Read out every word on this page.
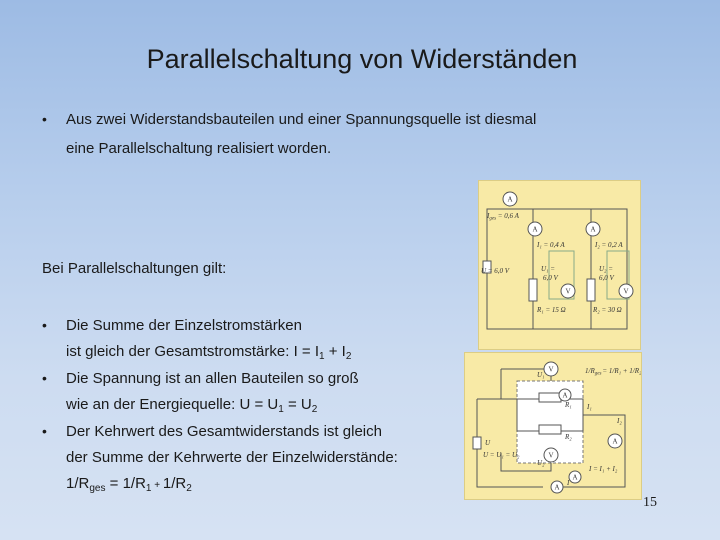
Parallelschaltung von Widerständen
• Aus zwei Widerstandsbauteilen und einer Spannungsquelle ist diesmal
eine Parallelschaltung realisiert worden.
Bei Parallelschaltungen gilt:
• Die Summe der Einzelstromstärken
ist gleich der Gesamtstromstärke: $I = I_1 + I_2$
• Die Spannung ist an allen Bauteilen so groß
wie an der Energiequelle: $U = U_1 = U_2$
• Der Kehrwert des Gesamtwiderstands ist gleich
der Summe der Kehrwerte der Einzelwiderstände:
$1/R_{ges} = 1/R_1 + 1/R_2$
15
A
A	A
V	V
$I_{ges} = 0,6$ A
I₁ = 0,4 A	I₂ = 0,2 A
U = 6,0 V	U₁ =
6,0 V
U₂ =
6,0 V
R₁ = 15 Ω	R₂ = 30 Ω
V
V
A
A
A
A
U₁
U₂
R₁
R₂
I₁
I₂
I
U
$1/R_{ges}= 1/R_1 + 1/R_2$
U = U₁ = U₂
I = I₁ + I₂
